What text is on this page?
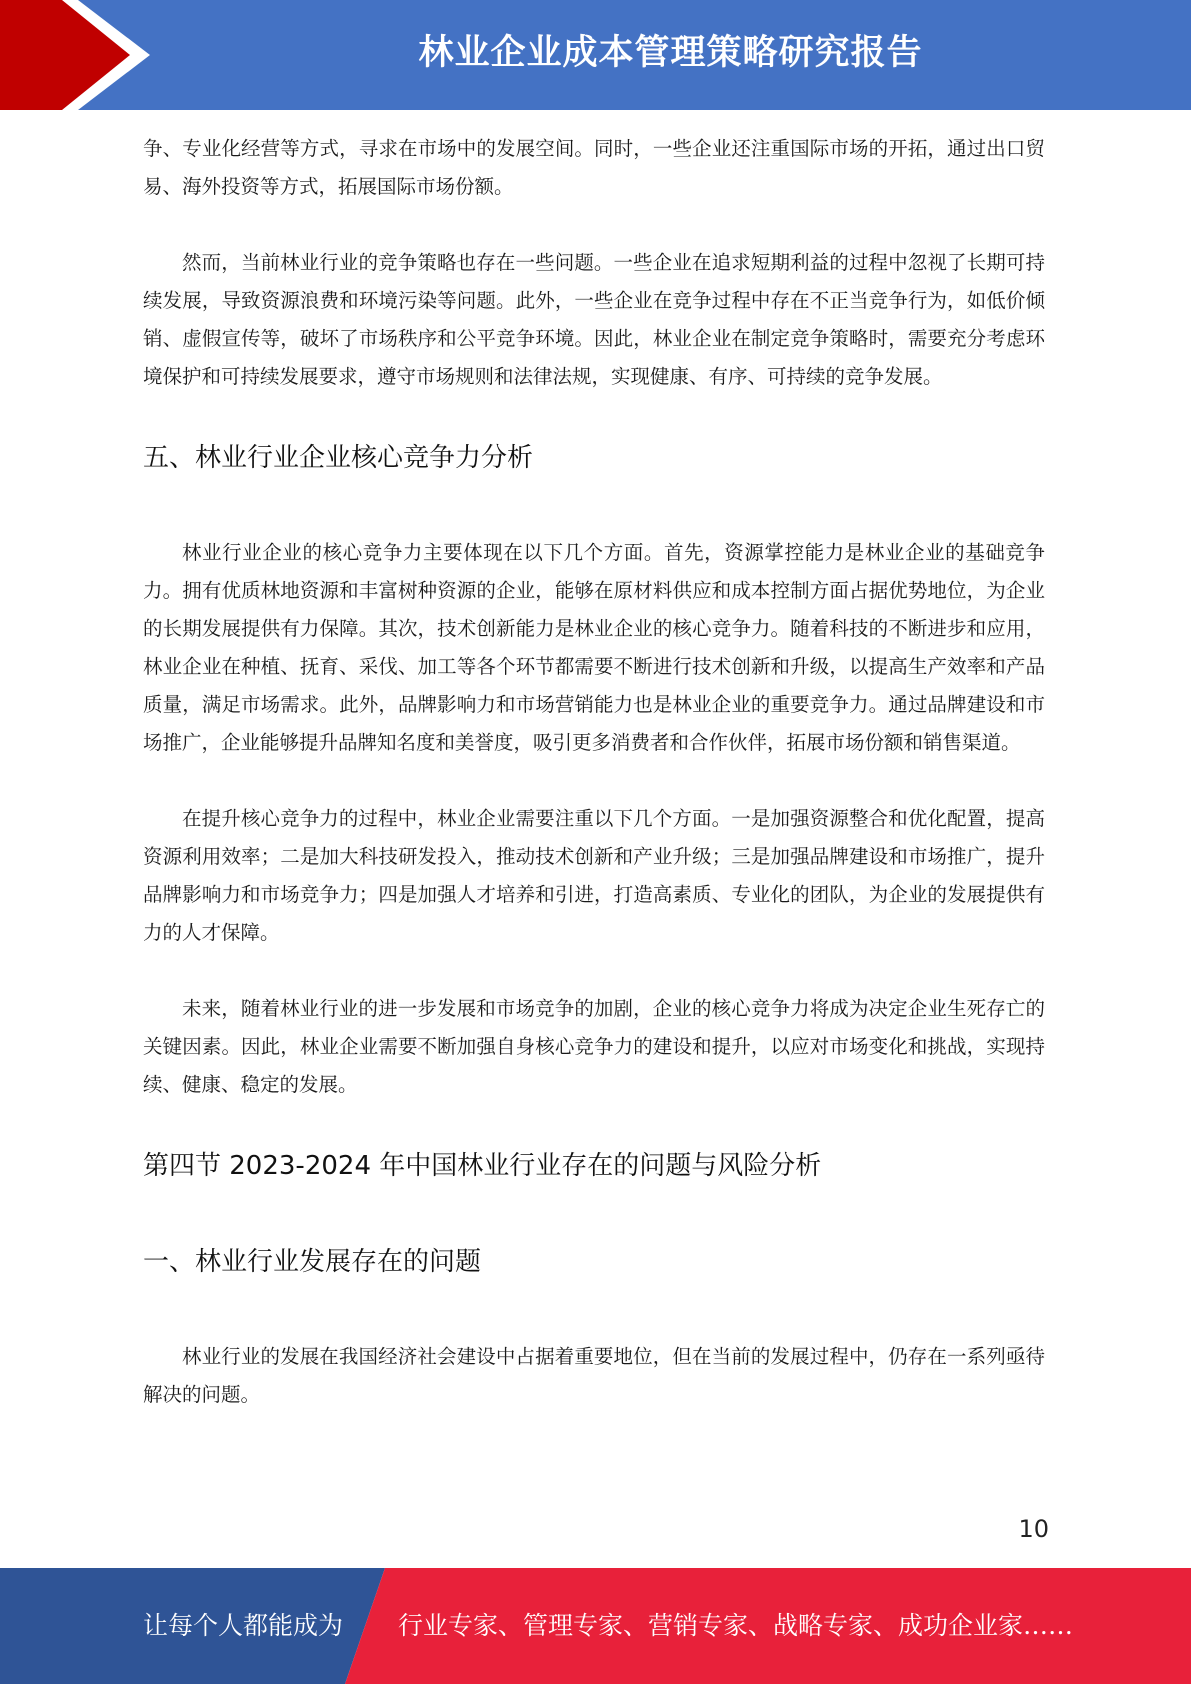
林业企业成本管理策略研究报告

争、专业化经营等方式，寻求在市场中的发展空间。同时，一些企业还注重国际市场的开拓，通过出口贸易、海外投资等方式，拓展国际市场份额。

然而，当前林业行业的竞争策略也存在一些问题。一些企业在追求短期利益的过程中忽视了长期可持续发展，导致资源浪费和环境污染等问题。此外，一些企业在竞争过程中存在不正当竞争行为，如低价倾销、虚假宣传等，破坏了市场秩序和公平竞争环境。因此，林业企业在制定竞争策略时，需要充分考虑环境保护和可持续发展要求，遵守市场规则和法律法规，实现健康、有序、可持续的竞争发展。

五、林业行业企业核心竞争力分析

林业行业企业的核心竞争力主要体现在以下几个方面。首先，资源掌控能力是林业企业的基础竞争力。拥有优质林地资源和丰富树种资源的企业，能够在原材料供应和成本控制方面占据优势地位，为企业的长期发展提供有力保障。其次，技术创新能力是林业企业的核心竞争力。随着科技的不断进步和应用，林业企业在种植、抚育、采伐、加工等各个环节都需要不断进行技术创新和升级，以提高生产效率和产品质量，满足市场需求。此外，品牌影响力和市场营销能力也是林业企业的重要竞争力。通过品牌建设和市场推广，企业能够提升品牌知名度和美誉度，吸引更多消费者和合作伙伴，拓展市场份额和销售渠道。

在提升核心竞争力的过程中，林业企业需要注重以下几个方面。一是加强资源整合和优化配置，提高资源利用效率；二是加大科技研发投入，推动技术创新和产业升级；三是加强品牌建设和市场推广，提升品牌影响力和市场竞争力；四是加强人才培养和引进，打造高素质、专业化的团队，为企业的发展提供有力的人才保障。

未来，随着林业行业的进一步发展和市场竞争的加剧，企业的核心竞争力将成为决定企业生死存亡的关键因素。因此，林业企业需要不断加强自身核心竞争力的建设和提升，以应对市场变化和挑战，实现持续、健康、稳定的发展。

第四节 2023-2024 年中国林业行业存在的问题与风险分析
一、林业行业发展存在的问题

林业行业的发展在我国经济社会建设中占据着重要地位，但在当前的发展过程中，仍存在一系列亟待解决的问题。

10
让每个人都能成为 行业专家、管理专家、营销专家、战略专家、成功企业家……
